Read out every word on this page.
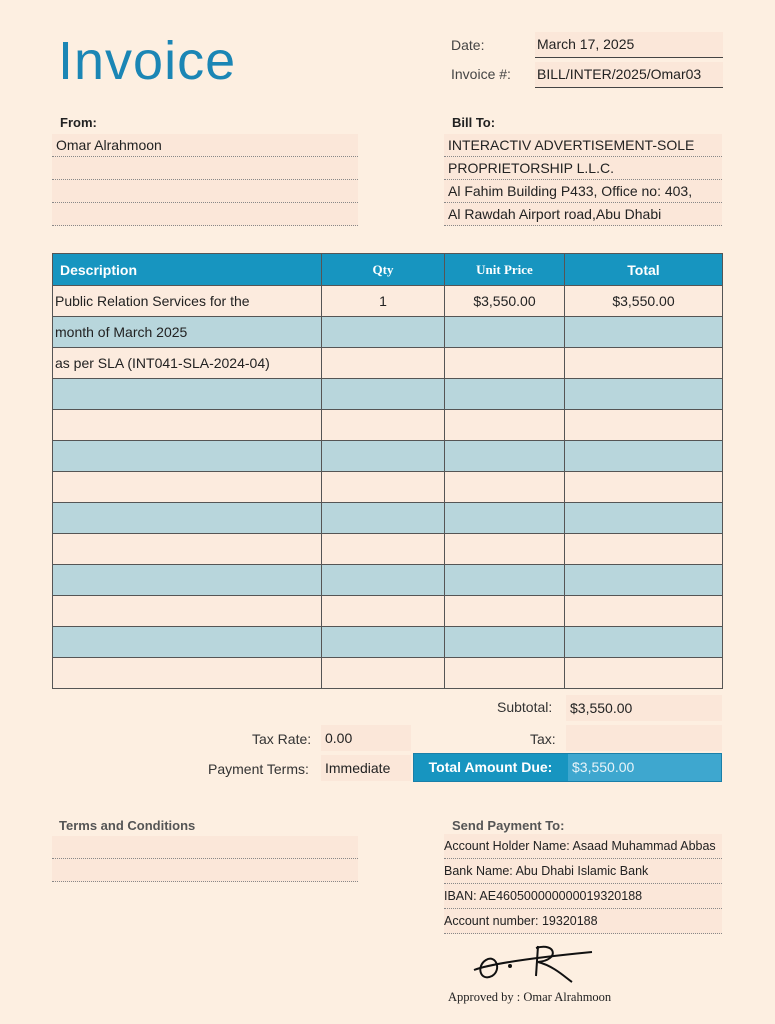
Invoice	Date:	March 17, 2025
Invoice #: BILL/INTER/2025/Omar03
From:
Omar Alrahmoon
Bill To:
INTERACTIV ADVERTISEMENT-SOLE
PROPRIETORSHIP L.L.C.
Al Fahim Building P433, Office no: 403,
Al Rawdah Airport road,Abu Dhabi
Description	Qty	Unit Price	Total
Public Relation Services for the	1	$3,550.00	$3,550.00
month of March 2025			
as per SLA (INT041-SLA-2024-04)			

Subtotal: $3,550.00
Tax Rate: 0.00	Tax:
Payment Terms: Immediate	Total Amount Due:	$3,550.00
Terms and Conditions	Send Payment To:
Account Holder Name: Asaad Muhammad Abbas
Bank Name: Abu Dhabi Islamic Bank
IBAN: AE460500000000019320188
Account number: 19320188
Approved by : Omar Alrahmoon
